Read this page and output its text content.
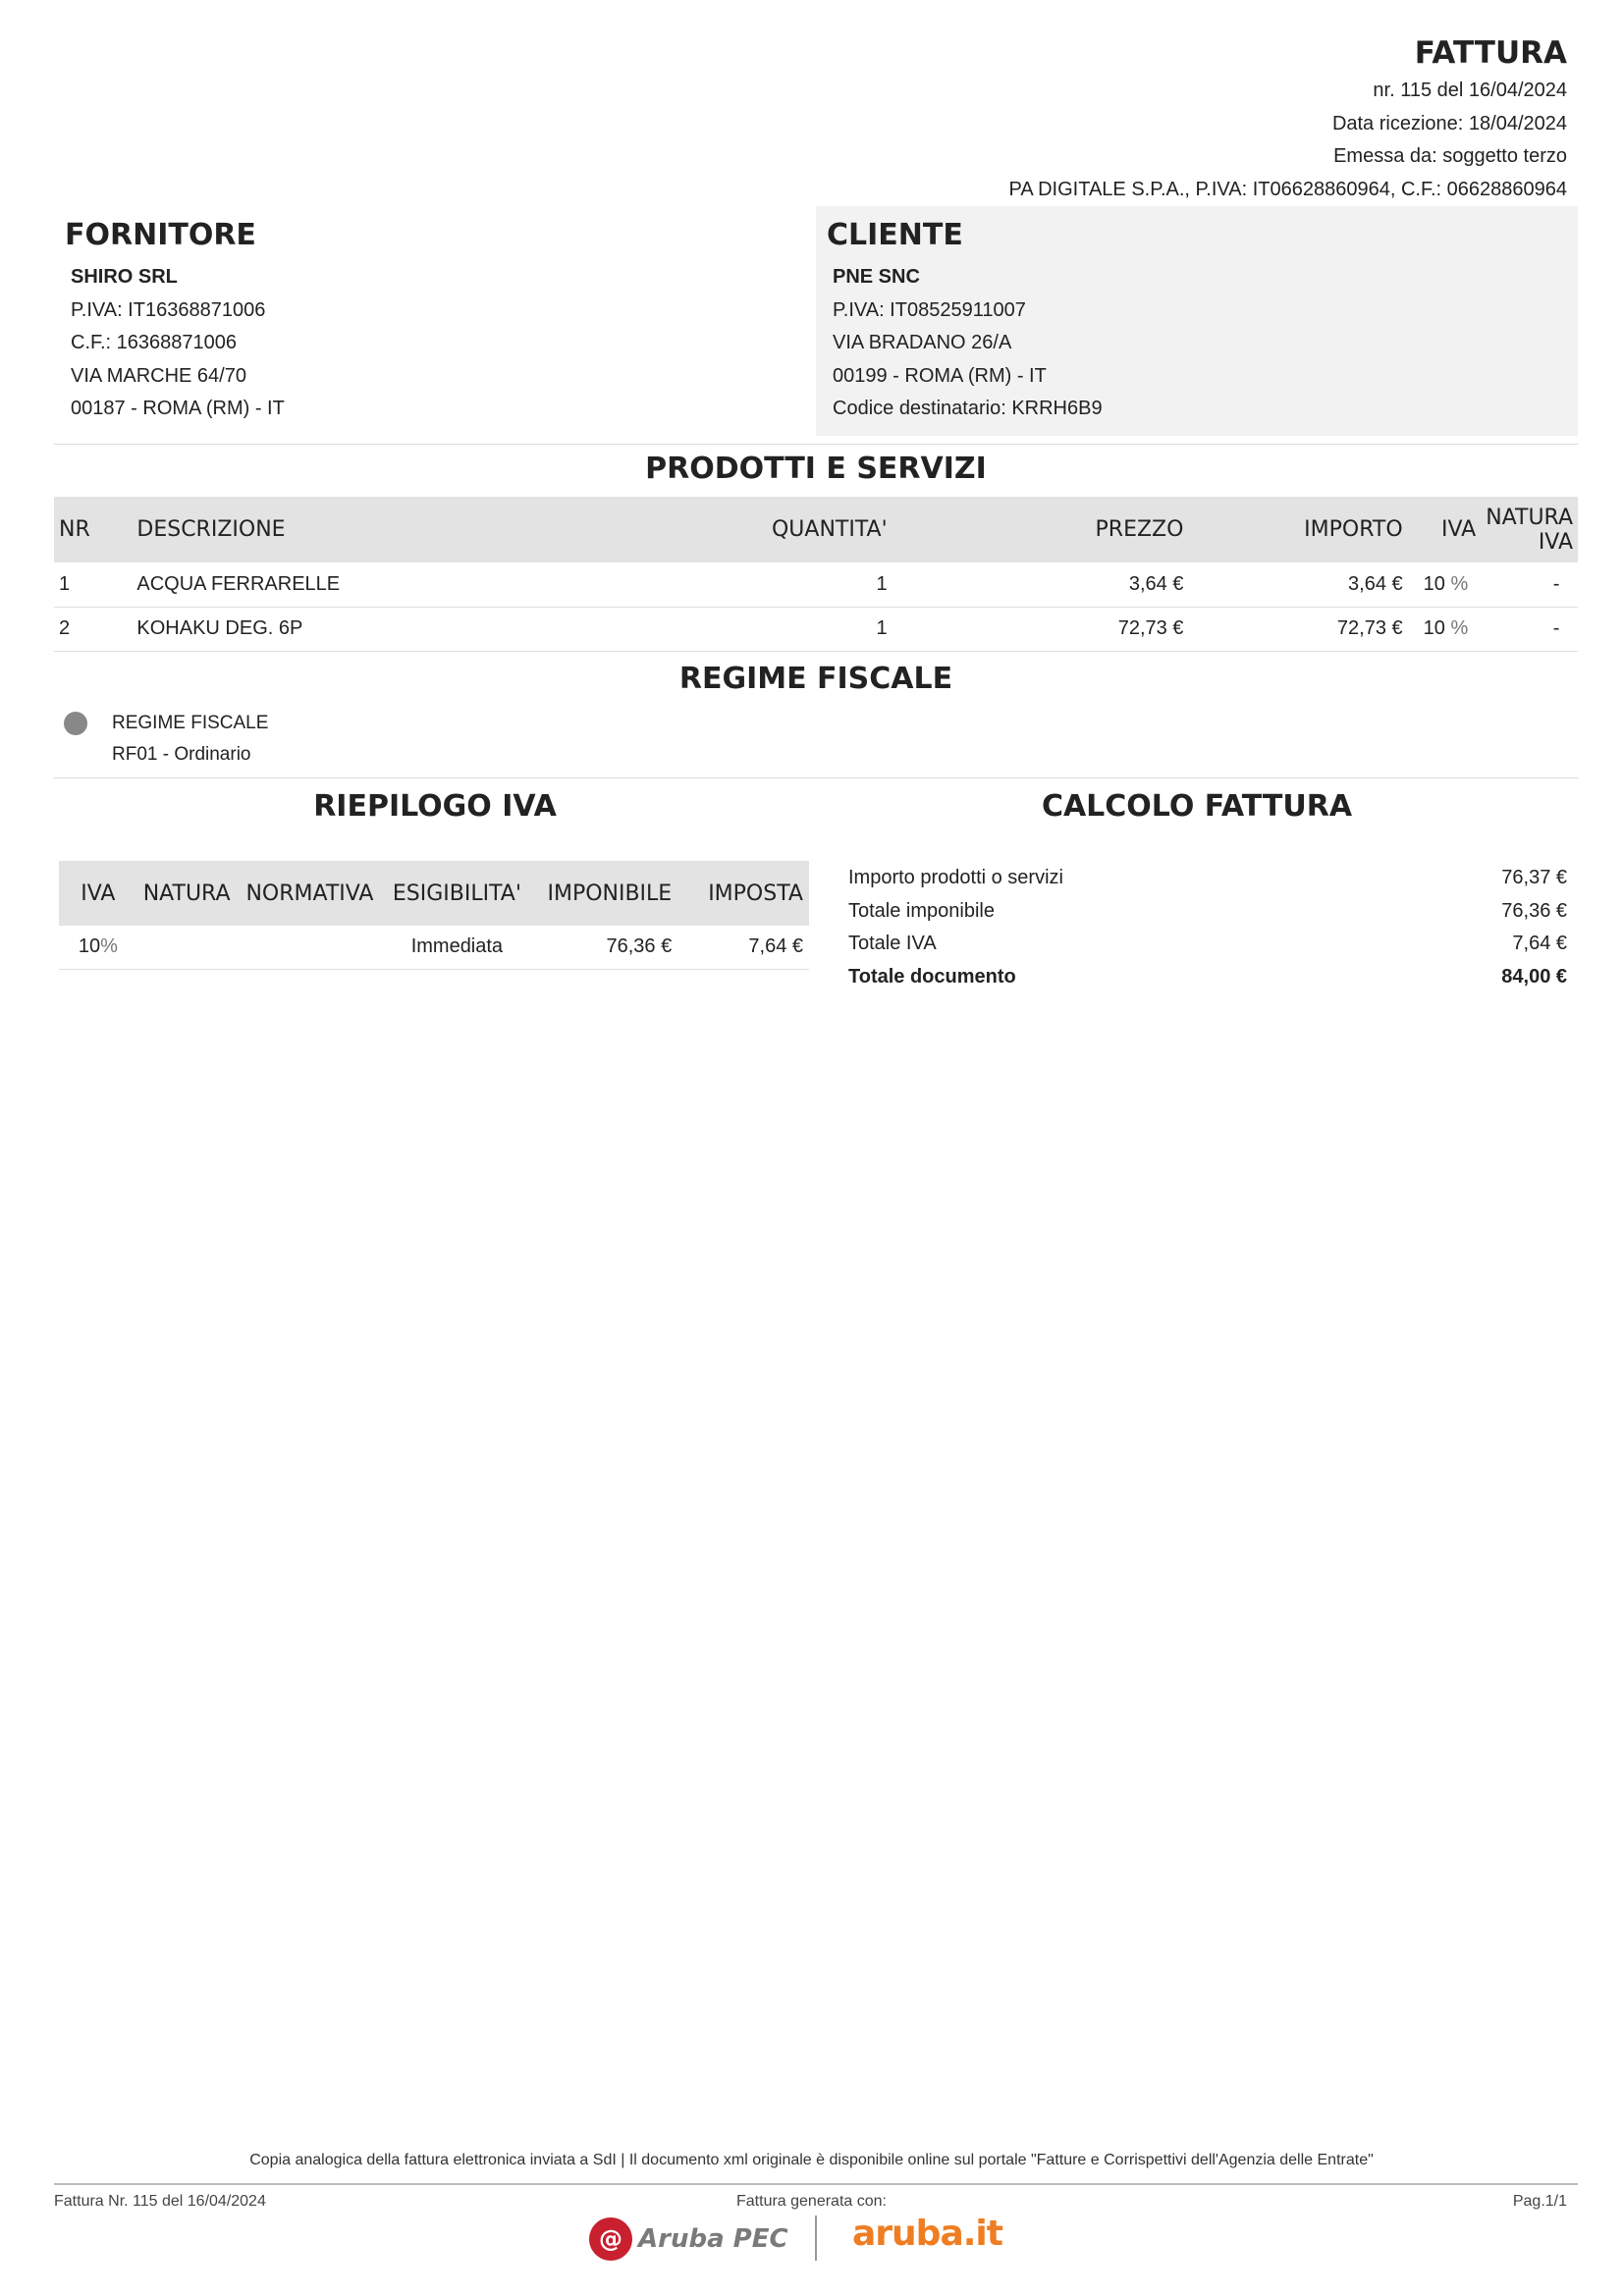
FATTURA
nr. 115 del 16/04/2024
Data ricezione: 18/04/2024
Emessa da: soggetto terzo
PA DIGITALE S.P.A., P.IVA: IT06628860964, C.F.: 06628860964
FORNITORE
SHIRO SRL
P.IVA: IT16368871006
C.F.: 16368871006
VIA MARCHE 64/70
00187 - ROMA (RM) - IT
CLIENTE
PNE SNC
P.IVA: IT08525911007
VIA BRADANO 26/A
00199 - ROMA (RM) - IT
Codice destinatario: KRRH6B9
PRODOTTI E SERVIZI
NR	DESCRIZIONE	QUANTITA'	PREZZO	IMPORTO	IVA	NATURA IVA
1	ACQUA FERRARELLE	1	3,64 €	3,64 €	10 %	-
2	KOHAKU DEG. 6P	1	72,73 €	72,73 €	10 %	-
REGIME FISCALE
REGIME FISCALE
RF01 - Ordinario
RIEPILOGO IVA
IVA	NATURA	NORMATIVA	ESIGIBILITA'	IMPONIBILE	IMPOSTA
10%			Immediata	76,36 €	7,64 €
CALCOLO FATTURA
Importo prodotti o servizi	76,37 €
Totale imponibile	76,36 €
Totale IVA	7,64 €
Totale documento	84,00 €
Copia analogica della fattura elettronica inviata a SdI | Il documento xml originale è disponibile online sul portale "Fatture e Corrispettivi dell'Agenzia delle Entrate"
Fattura Nr. 115 del 16/04/2024	Fattura generata con:	Pag.1/1
@ Aruba PEC aruba.it
